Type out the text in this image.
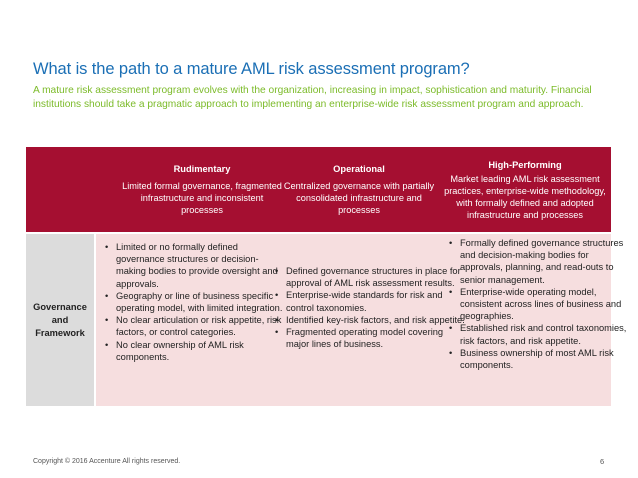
What is the path to a mature AML risk assessment program?
A mature risk assessment program evolves with the organization, increasing in impact, sophistication and maturity. Financial institutions should take a pragmatic approach to implementing an enterprise-wide risk assessment program and approach.
Rudimentary
Limited formal governance, fragmented infrastructure and inconsistent processes
Operational
Centralized governance with partially consolidated infrastructure and processes
High-Performing
Market leading AML risk assessment practices, enterprise-wide methodology, with formally defined and adopted infrastructure and processes
Governance and Framework
• Limited or no formally defined governance structures or decision-making bodies to provide oversight and approvals.
• Geography or line of business specific operating model, with limited integration.
• No clear articulation or risk appetite, risk factors, or control categories.
• No clear ownership of AML risk components.
• Defined governance structures in place for approval of AML risk assessment results.
• Enterprise-wide standards for risk and control taxonomies.
• Identified key-risk factors, and risk appetite.
• Fragmented operating model covering major lines of business.
• Formally defined governance structures and decision-making bodies for approvals, planning, and read-outs to senior management.
• Enterprise-wide operating model, consistent across lines of business and geographies.
• Established risk and control taxonomies, risk factors, and risk appetite.
• Business ownership of most AML risk components.
Copyright © 2016 Accenture All rights reserved.	6
